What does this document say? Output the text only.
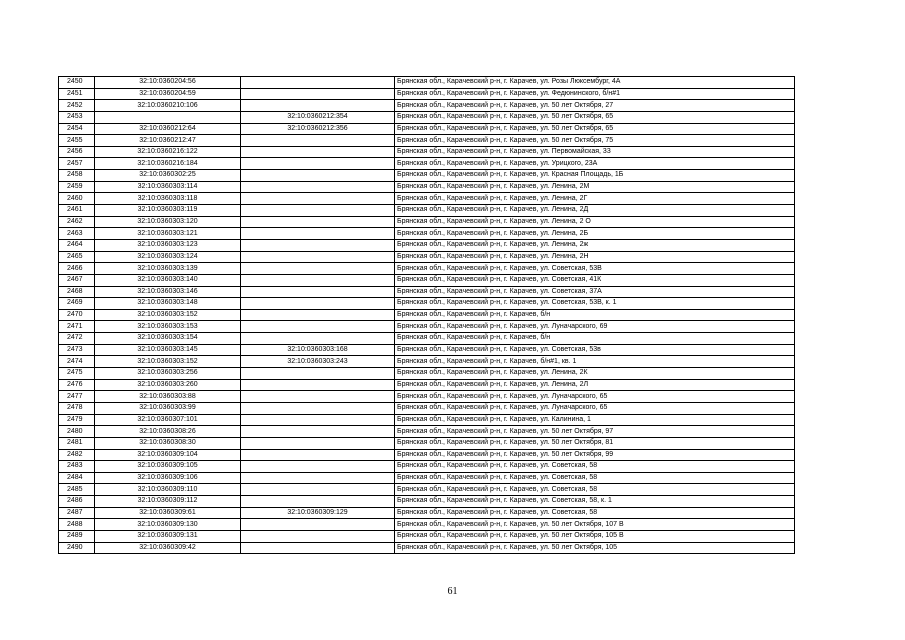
2450	32:10:0360204:56		Брянская обл., Карачевский р-н, г. Карачев, ул. Розы Люксембург, 4А
2451	32:10:0360204:59		Брянская обл., Карачевский р-н, г. Карачев, ул. Федюнинского, б/н#1
2452	32:10:0360210:106		Брянская обл., Карачевский р-н, г. Карачев, ул. 50 лет Октября, 27
2453		32:10:0360212:354	Брянская обл., Карачевский р-н, г. Карачев, ул. 50 лет Октября, 65
2454	32:10:0360212:64	32:10:0360212:356	Брянская обл., Карачевский р-н, г. Карачев, ул. 50 лет Октября, 65
2455	32:10:0360212:47		Брянская обл., Карачевский р-н, г. Карачев, ул. 50 лет Октября, 75
2456	32:10:0360216:122		Брянская обл., Карачевский р-н, г. Карачев, ул. Первомайская, 33
2457	32:10:0360216:184		Брянская обл., Карачевский р-н, г. Карачев, ул. Урицкого, 23А
2458	32:10:0360302:25		Брянская обл., Карачевский р-н, г. Карачев, ул. Красная Площадь, 1Б
2459	32:10:0360303:114		Брянская обл., Карачевский р-н, г. Карачев, ул. Ленина, 2М
2460	32:10:0360303:118		Брянская обл., Карачевский р-н, г. Карачев, ул. Ленина, 2Г
2461	32:10:0360303:119		Брянская обл., Карачевский р-н, г. Карачев, ул. Ленина, 2Д
2462	32:10:0360303:120		Брянская обл., Карачевский р-н, г. Карачев, ул. Ленина, 2 О
2463	32:10:0360303:121		Брянская обл., Карачевский р-н, г. Карачев, ул. Ленина, 2Б
2464	32:10:0360303:123		Брянская обл., Карачевский р-н, г. Карачев, ул. Ленина, 2ж
2465	32:10:0360303:124		Брянская обл., Карачевский р-н, г. Карачев, ул. Ленина, 2Н
2466	32:10:0360303:139		Брянская обл., Карачевский р-н, г. Карачев, ул. Советская, 53В
2467	32:10:0360303:140		Брянская обл., Карачевский р-н, г. Карачев, ул. Советская, 41К
2468	32:10:0360303:146		Брянская обл., Карачевский р-н, г. Карачев, ул. Советская, 37А
2469	32:10:0360303:148		Брянская обл., Карачевский р-н, г. Карачев, ул. Советская, 53В, к. 1
2470	32:10:0360303:152		Брянская обл., Карачевский р-н, г. Карачев, б/н
2471	32:10:0360303:153		Брянская обл., Карачевский р-н, г. Карачев, ул. Луначарского, 69
2472	32:10:0360303:154		Брянская обл., Карачевский р-н, г. Карачев, б/н
2473	32:10:0360303:145	32:10:0360303:168	Брянская обл., Карачевский р-н, г. Карачев, ул. Советская, 53в
2474	32:10:0360303:152	32:10:0360303:243	Брянская обл., Карачевский р-н, г. Карачев, б/н#1, кв. 1
2475	32:10:0360303:256		Брянская обл., Карачевский р-н, г. Карачев, ул. Ленина, 2К
2476	32:10:0360303:260		Брянская обл., Карачевский р-н, г. Карачев, ул. Ленина, 2Л
2477	32:10:0360303:88		Брянская обл., Карачевский р-н, г. Карачев, ул. Луначарского, 65
2478	32:10:0360303:99		Брянская обл., Карачевский р-н, г. Карачев, ул. Луначарского, 65
2479	32:10:0360307:101		Брянская обл., Карачевский р-н, г. Карачев, ул. Калинина, 1
2480	32:10:0360308:26		Брянская обл., Карачевский р-н, г. Карачев, ул. 50 лет Октября, 97
2481	32:10:0360308:30		Брянская обл., Карачевский р-н, г. Карачев, ул. 50 лет Октября, 81
2482	32:10:0360309:104		Брянская обл., Карачевский р-н, г. Карачев, ул. 50 лет Октября, 99
2483	32:10:0360309:105		Брянская обл., Карачевский р-н, г. Карачев, ул. Советская, 58
2484	32:10:0360309:106		Брянская обл., Карачевский р-н, г. Карачев, ул. Советская, 58
2485	32:10:0360309:110		Брянская обл., Карачевский р-н, г. Карачев, ул. Советская, 58
2486	32:10:0360309:112		Брянская обл., Карачевский р-н, г. Карачев, ул. Советская, 58, к. 1
2487	32:10:0360309:61	32:10:0360309:129	Брянская обл., Карачевский р-н, г. Карачев, ул. Советская, 58
2488	32:10:0360309:130		Брянская обл., Карачевский р-н, г. Карачев, ул. 50 лет Октября, 107 В
2489	32:10:0360309:131		Брянская обл., Карачевский р-н, г. Карачев, ул. 50 лет Октября, 105 В
2490	32:10:0360309:42		Брянская обл., Карачевский р-н, г. Карачев, ул. 50 лет Октября, 105
61
